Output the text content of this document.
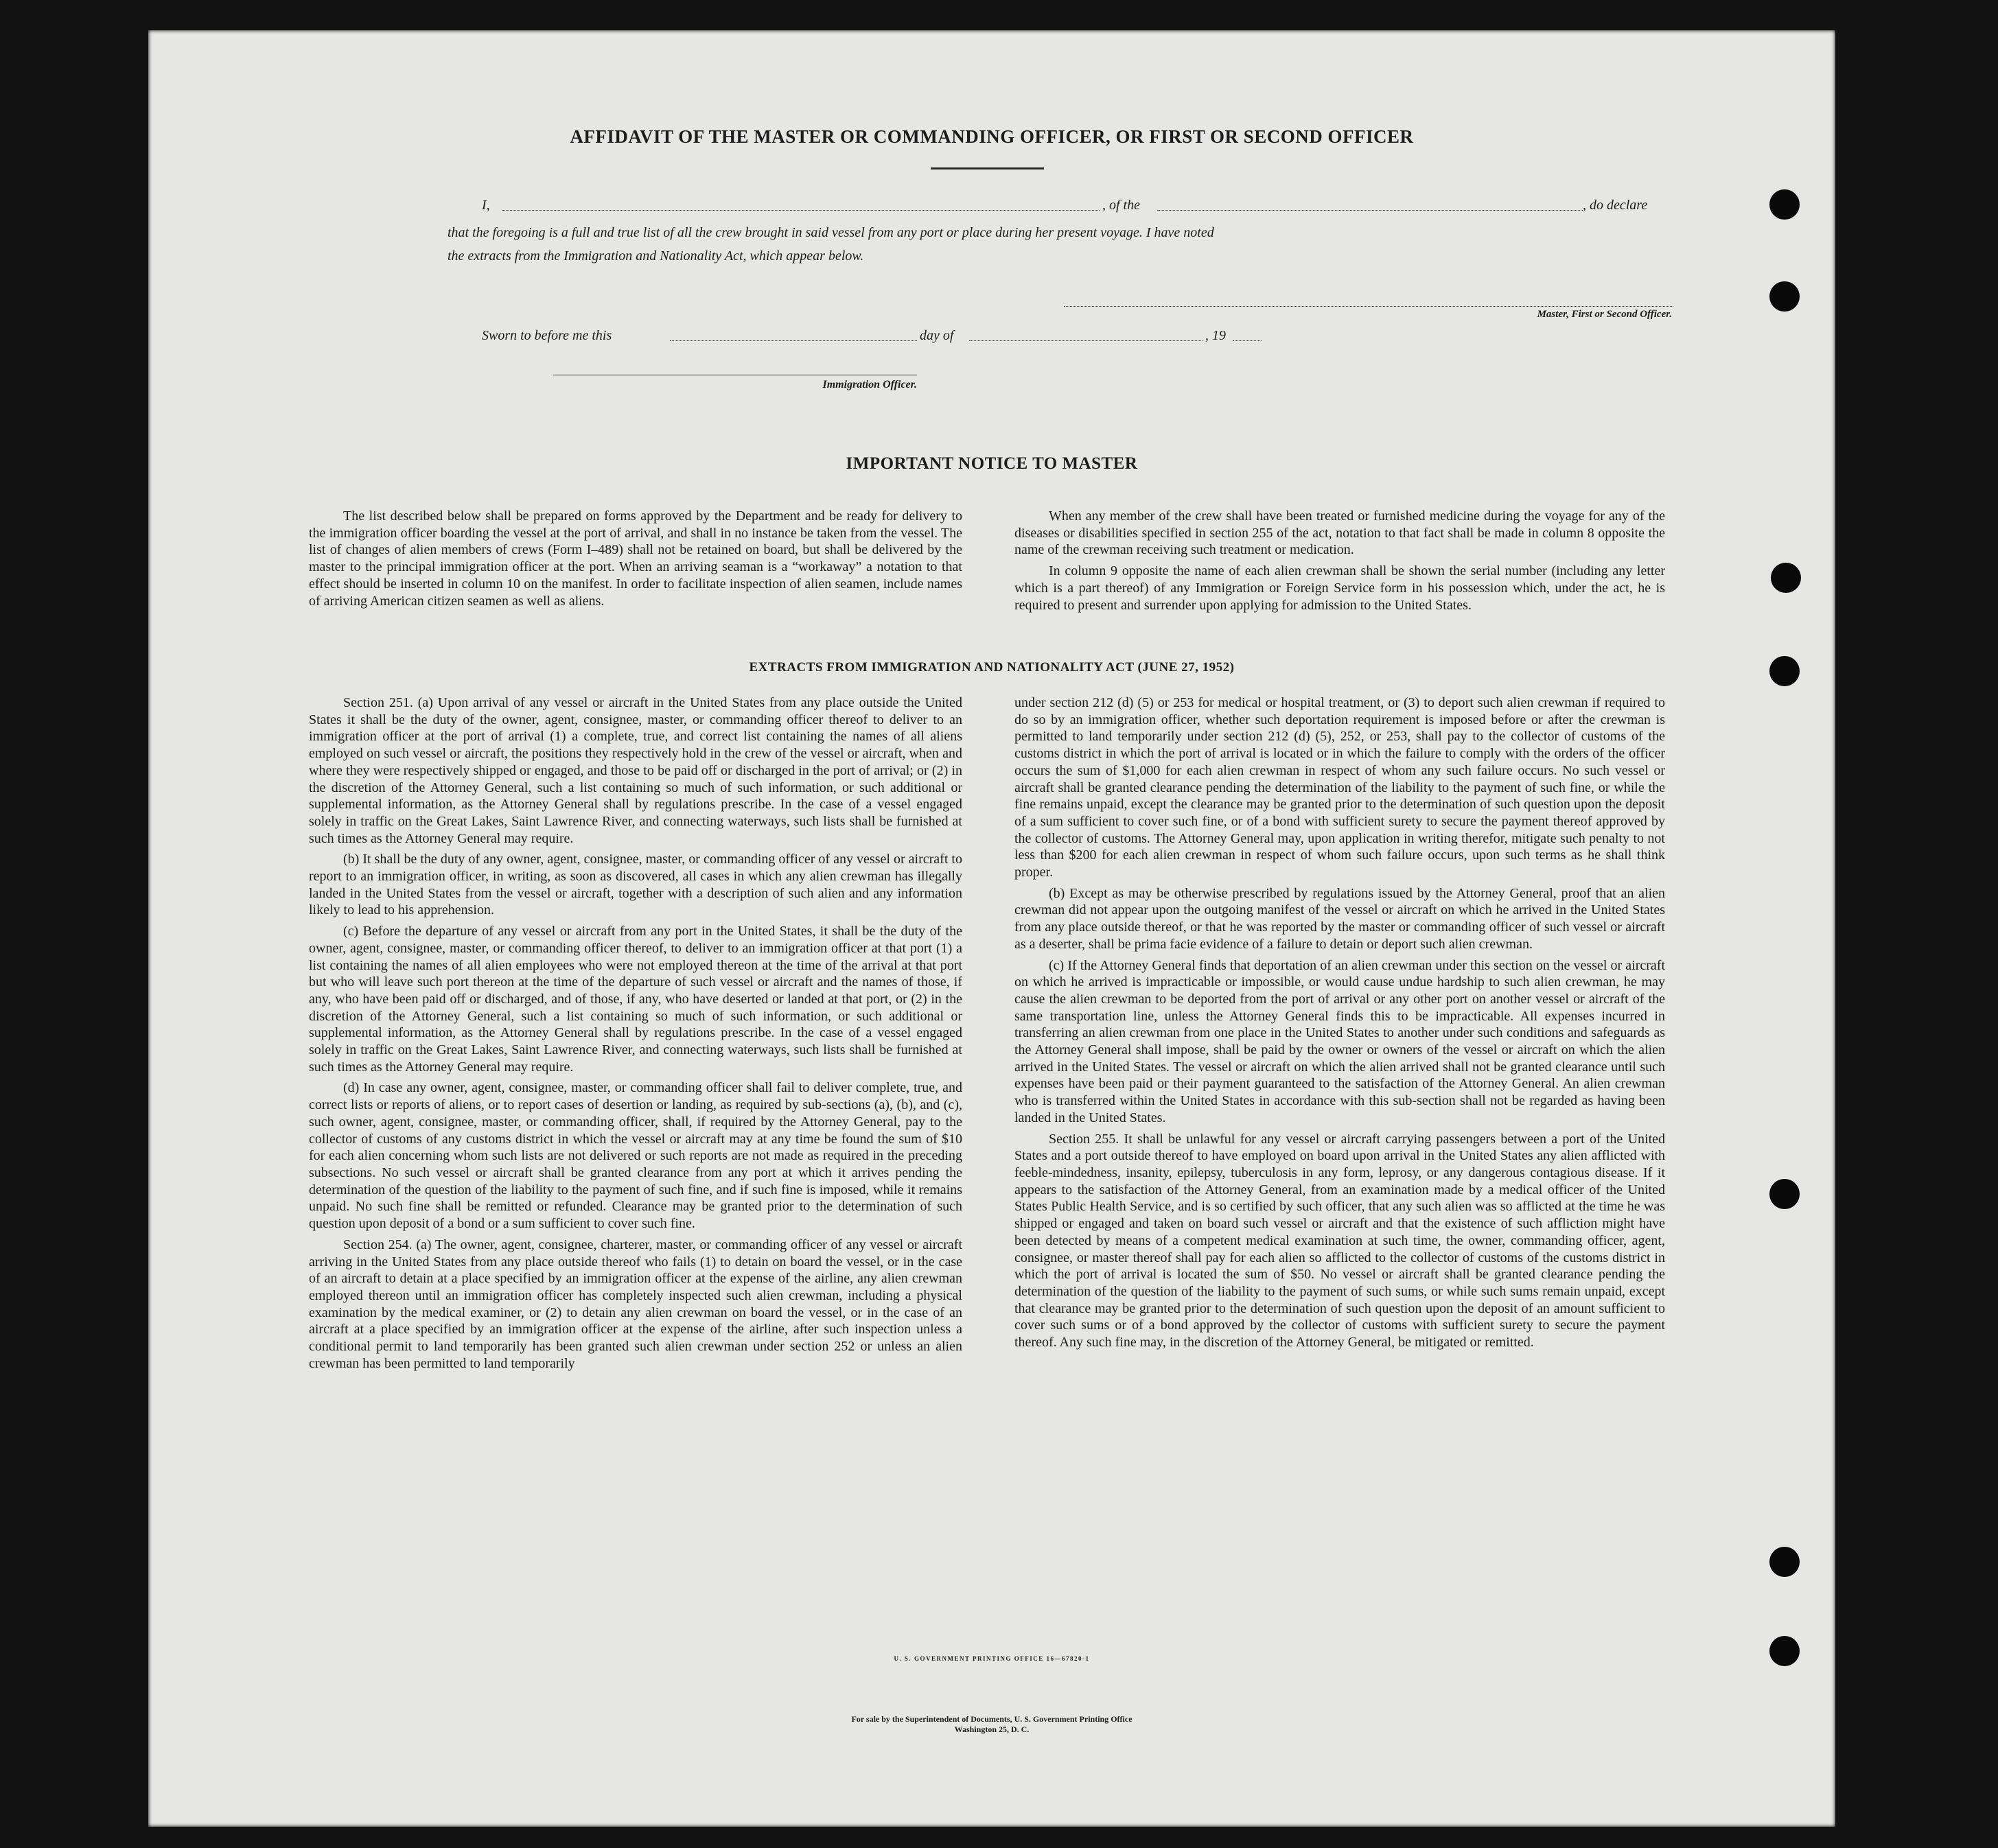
AFFIDAVIT OF THE MASTER OR COMMANDING OFFICER, OR FIRST OR SECOND OFFICER
I,	, of the	, do declare
that the foregoing is a full and true list of all the crew brought in said vessel from any port or place during her present voyage. I have noted
the extracts from the Immigration and Nationality Act, which appear below.
Master, First or Second Officer.
Sworn to before me this	day of	, 19
Immigration Officer.
IMPORTANT NOTICE TO MASTER

The list described below shall be prepared on forms approved by the Department and be ready for delivery to the immigration officer boarding the vessel at the port of arrival, and shall in no instance be taken from the vessel. The list of changes of alien members of crews (Form I–489) shall not be retained on board, but shall be delivered by the master to the principal immigration officer at the port. When an arriving seaman is a “workaway” a notation to that effect should be inserted in column 10 on the manifest. In order to facilitate inspection of alien seamen, include names of arriving American citizen seamen as well as aliens.

When any member of the crew shall have been treated or furnished medicine during the voyage for any of the diseases or disabilities specified in section 255 of the act, notation to that fact shall be made in column 8 opposite the name of the crewman receiving such treatment or medication.

In column 9 opposite the name of each alien crewman shall be shown the serial number (including any letter which is a part thereof) of any Immigration or Foreign Service form in his possession which, under the act, he is required to present and surrender upon applying for admission to the United States.

EXTRACTS FROM IMMIGRATION AND NATIONALITY ACT (JUNE 27, 1952)

Section 251. (a) Upon arrival of any vessel or aircraft in the United States from any place outside the United States it shall be the duty of the owner, agent, consignee, master, or commanding officer thereof to deliver to an immigration officer at the port of arrival (1) a complete, true, and correct list containing the names of all aliens employed on such vessel or aircraft, the positions they respectively hold in the crew of the vessel or aircraft, when and where they were respectively shipped or engaged, and those to be paid off or discharged in the port of arrival; or (2) in the discretion of the Attorney General, such a list containing so much of such information, or such additional or supplemental information, as the Attorney General shall by regulations prescribe. In the case of a vessel engaged solely in traffic on the Great Lakes, Saint Lawrence River, and connecting waterways, such lists shall be furnished at such times as the Attorney General may require.

(b) It shall be the duty of any owner, agent, consignee, master, or commanding officer of any vessel or aircraft to report to an immigration officer, in writing, as soon as discovered, all cases in which any alien crewman has illegally landed in the United States from the vessel or aircraft, together with a description of such alien and any information likely to lead to his apprehension.

(c) Before the departure of any vessel or aircraft from any port in the United States, it shall be the duty of the owner, agent, consignee, master, or commanding officer thereof, to deliver to an immigration officer at that port (1) a list containing the names of all alien employees who were not employed thereon at the time of the arrival at that port but who will leave such port thereon at the time of the departure of such vessel or aircraft and the names of those, if any, who have been paid off or discharged, and of those, if any, who have deserted or landed at that port, or (2) in the discretion of the Attorney General, such a list containing so much of such information, or such additional or supplemental information, as the Attorney General shall by regulations prescribe. In the case of a vessel engaged solely in traffic on the Great Lakes, Saint Lawrence River, and connecting waterways, such lists shall be furnished at such times as the Attorney General may require.

(d) In case any owner, agent, consignee, master, or commanding officer shall fail to deliver complete, true, and correct lists or reports of aliens, or to report cases of desertion or landing, as required by sub-sections (a), (b), and (c), such owner, agent, consignee, master, or commanding officer, shall, if required by the Attorney General, pay to the collector of customs of any customs district in which the vessel or aircraft may at any time be found the sum of $10 for each alien concerning whom such lists are not delivered or such reports are not made as required in the preceding subsections. No such vessel or aircraft shall be granted clearance from any port at which it arrives pending the determination of the question of the liability to the payment of such fine, and if such fine is imposed, while it remains unpaid. No such fine shall be remitted or refunded. Clearance may be granted prior to the determination of such question upon deposit of a bond or a sum sufficient to cover such fine.

Section 254. (a) The owner, agent, consignee, charterer, master, or commanding officer of any vessel or aircraft arriving in the United States from any place outside thereof who fails (1) to detain on board the vessel, or in the case of an aircraft to detain at a place specified by an immigration officer at the expense of the airline, any alien crewman employed thereon until an immigration officer has completely inspected such alien crewman, including a physical examination by the medical examiner, or (2) to detain any alien crewman on board the vessel, or in the case of an aircraft at a place specified by an immigration officer at the expense of the airline, after such inspection unless a conditional permit to land temporarily has been granted such alien crewman under section 252 or unless an alien crewman has been permitted to land temporarily

under section 212 (d) (5) or 253 for medical or hospital treatment, or (3) to deport such alien crewman if required to do so by an immigration officer, whether such deportation requirement is imposed before or after the crewman is permitted to land temporarily under section 212 (d) (5), 252, or 253, shall pay to the collector of customs of the customs district in which the port of arrival is located or in which the failure to comply with the orders of the officer occurs the sum of $1,000 for each alien crewman in respect of whom any such failure occurs. No such vessel or aircraft shall be granted clearance pending the determination of the liability to the payment of such fine, or while the fine remains unpaid, except the clearance may be granted prior to the determination of such question upon the deposit of a sum sufficient to cover such fine, or of a bond with sufficient surety to secure the payment thereof approved by the collector of customs. The Attorney General may, upon application in writing therefor, mitigate such penalty to not less than $200 for each alien crewman in respect of whom such failure occurs, upon such terms as he shall think proper.

(b) Except as may be otherwise prescribed by regulations issued by the Attorney General, proof that an alien crewman did not appear upon the outgoing manifest of the vessel or aircraft on which he arrived in the United States from any place outside thereof, or that he was reported by the master or commanding officer of such vessel or aircraft as a deserter, shall be prima facie evidence of a failure to detain or deport such alien crewman.

(c) If the Attorney General finds that deportation of an alien crewman under this section on the vessel or aircraft on which he arrived is impracticable or impossible, or would cause undue hardship to such alien crewman, he may cause the alien crewman to be deported from the port of arrival or any other port on another vessel or aircraft of the same transportation line, unless the Attorney General finds this to be impracticable. All expenses incurred in transferring an alien crewman from one place in the United States to another under such conditions and safeguards as the Attorney General shall impose, shall be paid by the owner or owners of the vessel or aircraft on which the alien arrived in the United States. The vessel or aircraft on which the alien arrived shall not be granted clearance until such expenses have been paid or their payment guaranteed to the satisfaction of the Attorney General. An alien crewman who is transferred within the United States in accordance with this sub-section shall not be regarded as having been landed in the United States.

Section 255. It shall be unlawful for any vessel or aircraft carrying passengers between a port of the United States and a port outside thereof to have employed on board upon arrival in the United States any alien afflicted with feeble-mindedness, insanity, epilepsy, tuberculosis in any form, leprosy, or any dangerous contagious disease. If it appears to the satisfaction of the Attorney General, from an examination made by a medical officer of the United States Public Health Service, and is so certified by such officer, that any such alien was so afflicted at the time he was shipped or engaged and taken on board such vessel or aircraft and that the existence of such affliction might have been detected by means of a competent medical examination at such time, the owner, commanding officer, agent, consignee, or master thereof shall pay for each alien so afflicted to the collector of customs of the customs district in which the port of arrival is located the sum of $50. No vessel or aircraft shall be granted clearance pending the determination of the question of the liability to the payment of such sums, or while such sums remain unpaid, except that clearance may be granted prior to the determination of such question upon the deposit of an amount sufficient to cover such sums or of a bond approved by the collector of customs with sufficient surety to secure the payment thereof. Any such fine may, in the discretion of the Attorney General, be mitigated or remitted.

U. S. GOVERNMENT PRINTING OFFICE 16—67820-1
For sale by the Superintendent of Documents, U. S. Government Printing Office
Washington 25, D. C.
